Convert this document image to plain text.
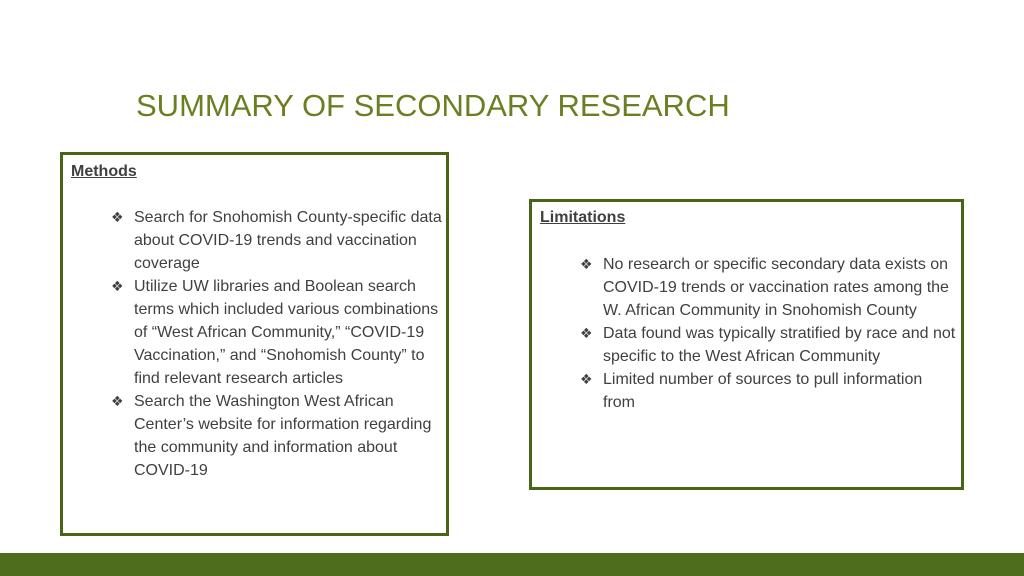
SUMMARY OF SECONDARY RESEARCH
Methods
❖ Search for Snohomish County-specific data about COVID-19 trends and vaccination coverage
❖ Utilize UW libraries and Boolean search terms which included various combinations of “West African Community,” “COVID-19 Vaccination,” and “Snohomish County” to find relevant research articles
❖ Search the Washington West African Center’s website for information regarding the community and information about COVID-19
Limitations
❖ No research or specific secondary data exists on COVID-19 trends or vaccination rates among the W. African Community in Snohomish County
❖ Data found was typically stratified by race and not specific to the West African Community
❖ Limited number of sources to pull information from
